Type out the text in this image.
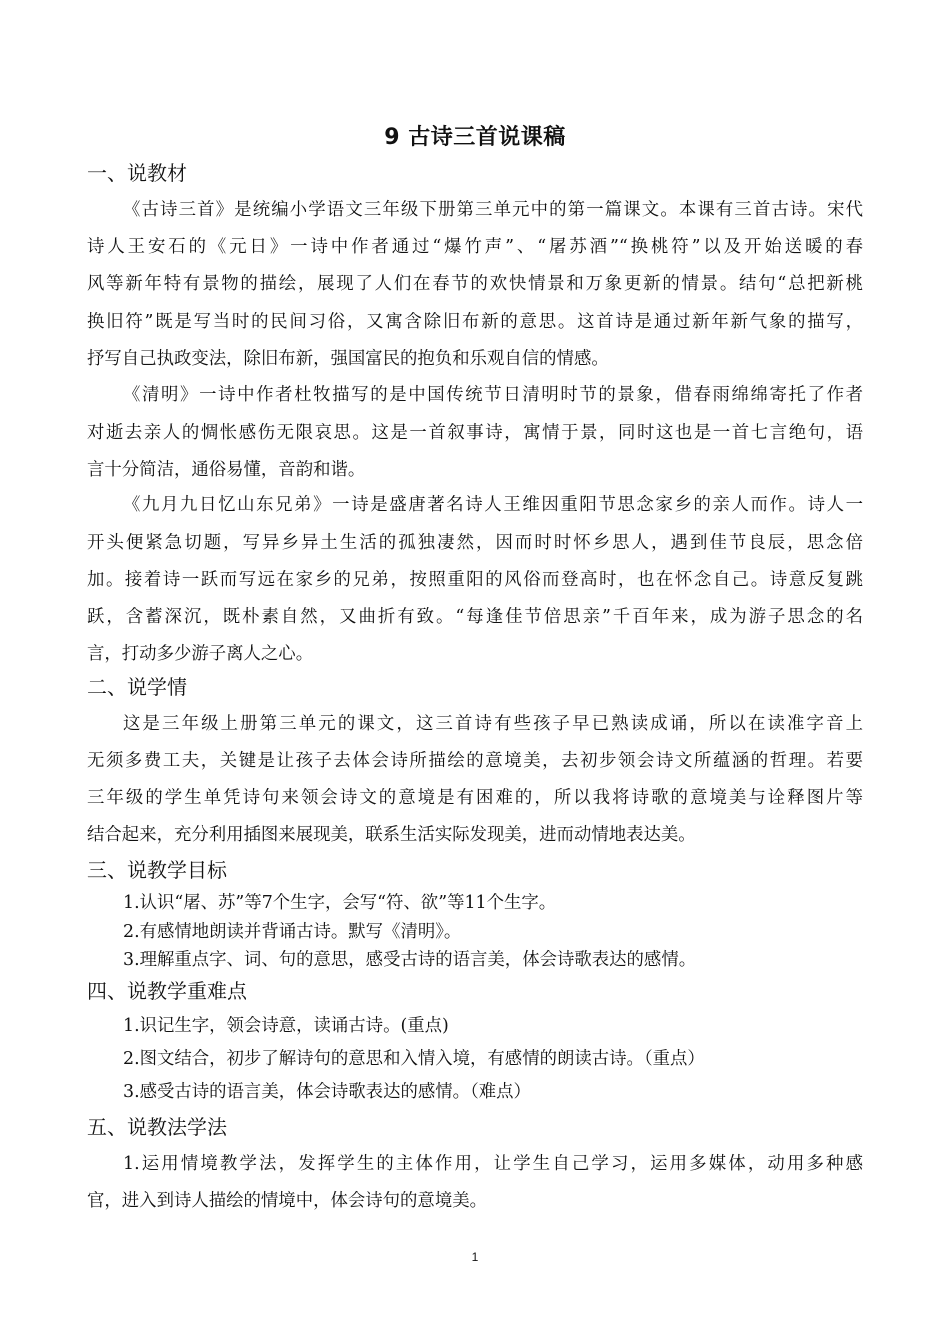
9 古诗三首说课稿
一、说教材
《古诗三首》是统编小学语文三年级下册第三单元中的第一篇课文。本课有三首古诗。宋代
诗人王安石的《元日》一诗中作者通过“爆竹声”、“屠苏酒”“换桃符”以及开始送暖的春
风等新年特有景物的描绘，展现了人们在春节的欢快情景和万象更新的情景。结句“总把新桃
换旧符”既是写当时的民间习俗，又寓含除旧布新的意思。这首诗是通过新年新气象的描写，
抒写自己执政变法，除旧布新，强国富民的抱负和乐观自信的情感。
《清明》一诗中作者杜牧描写的是中国传统节日清明时节的景象，借春雨绵绵寄托了作者
对逝去亲人的惆怅感伤无限哀思。这是一首叙事诗，寓情于景，同时这也是一首七言绝句，语
言十分简洁，通俗易懂，音韵和谐。
《九月九日忆山东兄弟》一诗是盛唐著名诗人王维因重阳节思念家乡的亲人而作。诗人一
开头便紧急切题，写异乡异土生活的孤独凄然，因而时时怀乡思人，遇到佳节良辰，思念倍
加。接着诗一跃而写远在家乡的兄弟，按照重阳的风俗而登高时，也在怀念自己。诗意反复跳
跃，含蓄深沉，既朴素自然，又曲折有致。“每逢佳节倍思亲”千百年来，成为游子思念的名
言，打动多少游子离人之心。
二、说学情
这是三年级上册第三单元的课文，这三首诗有些孩子早已熟读成诵，所以在读准字音上
无须多费工夫，关键是让孩子去体会诗所描绘的意境美，去初步领会诗文所蕴涵的哲理。若要
三年级的学生单凭诗句来领会诗文的意境是有困难的，所以我将诗歌的意境美与诠释图片等
结合起来，充分利用插图来展现美，联系生活实际发现美，进而动情地表达美。
三、说教学目标
1.认识“屠、苏”等7个生字，会写“符、欲”等11个生字。
2.有感情地朗读并背诵古诗。默写《清明》。
3.理解重点字、词、句的意思，感受古诗的语言美，体会诗歌表达的感情。
四、说教学重难点
1.识记生字，领会诗意，读诵古诗。(重点)
2.图文结合，初步了解诗句的意思和入情入境，有感情的朗读古诗。（重点）
3.感受古诗的语言美，体会诗歌表达的感情。（难点）
五、说教法学法
1.运用情境教学法，发挥学生的主体作用，让学生自己学习，运用多媒体，动用多种感
官，进入到诗人描绘的情境中，体会诗句的意境美。
1
